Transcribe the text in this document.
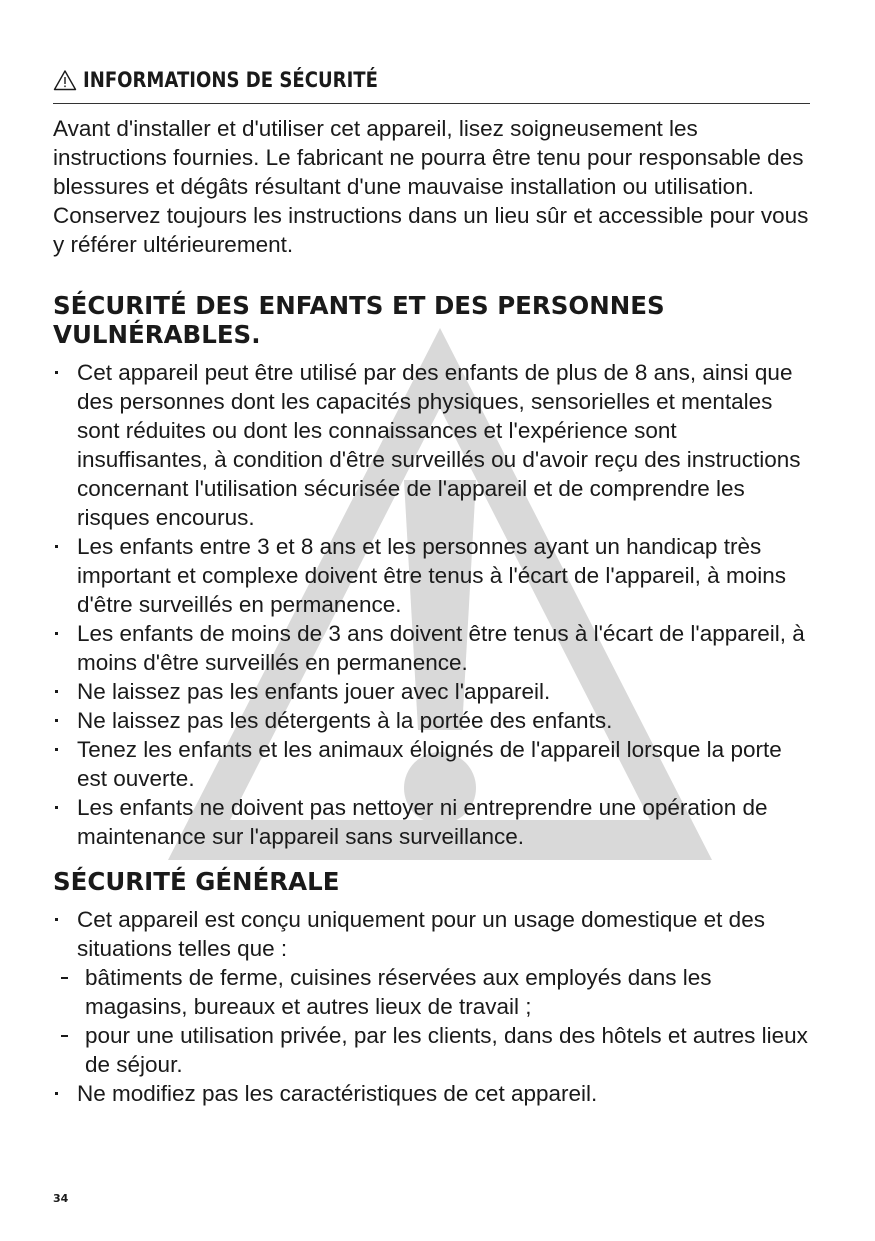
INFORMATIONS DE SÉCURITÉ

Avant d'installer et d'utiliser cet appareil, lisez soigneusement les instructions fournies. Le fabricant ne pourra être tenu pour responsable des blessures et dégâts résultant d'une mauvaise installation ou utilisation. Conservez toujours les instructions dans un lieu sûr et accessible pour vous y référer ultérieurement.

SÉCURITÉ DES ENFANTS ET DES PERSONNES VULNÉRABLES.
Cet appareil peut être utilisé par des enfants de plus de 8 ans, ainsi que des personnes dont les capacités physiques, sensorielles et mentales sont réduites ou dont les connaissances et l'expérience sont insuffisantes, à condition d'être surveillés ou d'avoir reçu des instructions concernant l'utilisation sécurisée de l'appareil et de comprendre les risques encourus.
Les enfants entre 3 et 8 ans et les personnes ayant un handicap très important et complexe doivent être tenus à l'écart de l'appareil, à moins d'être surveillés en permanence.
Les enfants de moins de 3 ans doivent être tenus à l'écart de l'appareil, à moins d'être surveillés en permanence.
Ne laissez pas les enfants jouer avec l'appareil.
Ne laissez pas les détergents à la portée des enfants.
Tenez les enfants et les animaux éloignés de l'appareil lorsque la porte est ouverte.
Les enfants ne doivent pas nettoyer ni entreprendre une opération de maintenance sur l'appareil sans surveillance.
SÉCURITÉ GÉNÉRALE
Cet appareil est conçu uniquement pour un usage domestique et des situations telles que :
bâtiments de ferme, cuisines réservées aux employés dans les magasins, bureaux et autres lieux de travail ;
pour une utilisation privée, par les clients, dans des hôtels et autres lieux de séjour.
Ne modifiez pas les caractéristiques de cet appareil.
34
